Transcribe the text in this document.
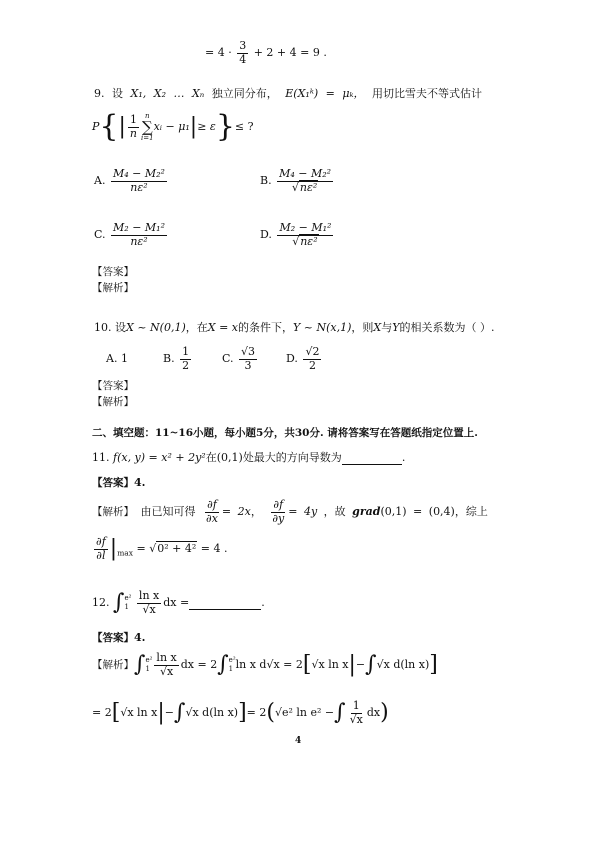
= $4 \cdot \frac{3}{4} + 2 + 4 = 9$ .
9. 设 X₁, X₂ … Xₙ 独立同分布， E(X₁ᵏ) = μₖ， 用切比雪夫不等式估计
$P\{| \frac{1}{n}$ n
∑
i=1
xᵢ − μ₁|≥ ε}≤ ?
A. $\frac{\text{M₄ − M₂²}}{\text{nε²}}$	B. $\frac{\text{M₄ − M₂²}}{\text{√nε²}}$
C. $\frac{\text{M₂ − M₁²}}{\text{nε²}}$	D. $\frac{\text{M₂ − M₁²}}{\text{√nε²}}$
【答案】
【解析】
10. 设X ~ N(0,1)，在X = x的条件下，Y ~ N(x,1)，则X与Y的相关系数为（ ）.
A. 1	B. $\frac{1}{2}$	C. $\frac{√3}{3}$	D. $\frac{√2}{2}$
【答案】
【解析】
二、填空题：11~16小题，每小题5分，共30分. 请将答案写在答题纸指定位置上.
11. f(x, y) = x² + 2y²在(0,1)处最大的方向导数为	.
【答案】4.
【解析】 由已知可得 $\frac{\partial f}{\partial x} = 2x$， $\frac{\partial f}{\partial y} = 4y$ ，故 grad(0,1) = (0,4)，综上
$\frac{\partial f}{\partial l} |_{max} = √0^2 + 4^2 = 4$ .
12. ∫ e²
1
$\frac{\text{ln x}}{√x}$ dx =	.
【答案】4.
【解析】∫ e²
$1 \frac{\text{ln x}}{√x}$ dx = 2∫ e²
1 ln x d√x = 2[√x ln x|−∫√x d(ln x)]
= 2[√x ln x|−∫√x d(ln x)]= 2(√e² ln e² −∫ $\frac{1}{√x} dx$)
4
